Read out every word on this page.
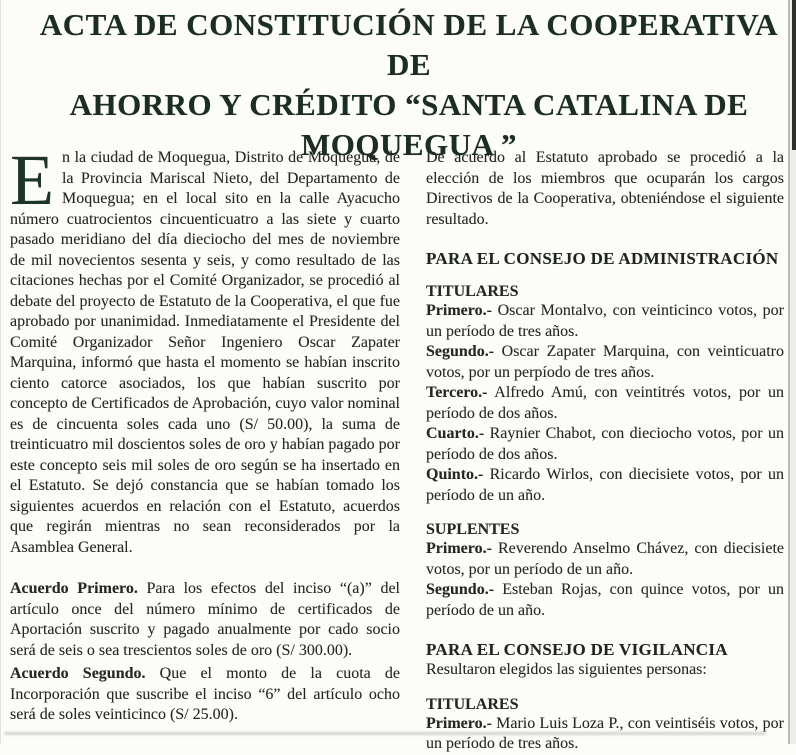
ACTA DE CONSTITUCIÓN DE LA COOPERATIVA DE
AHORRO Y CRÉDITO “SANTA CATALINA DE
MOQUEGUA ”

En la ciudad de Moquegua, Distrito de Moquegua, de la Provincia Mariscal Nieto, del Departamento de Moquegua; en el local sito en la calle Ayacucho número cuatrocientos cincuenticuatro a las siete y cuarto pasado meridiano del día dieciocho del mes de noviembre de mil novecientos sesenta y seis, y como resultado de las citaciones hechas por el Comité Organizador, se procedió al debate del proyecto de Estatuto de la Cooperativa, el que fue aprobado por unanimidad. Inmediatamente el Presidente del Comité Organizador Señor Ingeniero Oscar Zapater Marquina, informó que hasta el momento se habían inscrito ciento catorce asociados, los que habían suscrito por concepto de Certificados de Aprobación, cuyo valor nominal es de cincuenta soles cada uno (S/ 50.00), la suma de treinticuatro mil doscientos soles de oro y habían pagado por este concepto seis mil soles de oro según se ha insertado en el Estatuto. Se dejó constancia que se habían tomado los siguientes acuerdos en relación con el Estatuto, acuerdos que regirán mientras no sean reconsiderados por la Asamblea General.

Acuerdo Primero. Para los efectos del inciso “(a)” del artículo once del número mínimo de certificados de Aportación suscrito y pagado anualmente por cado socio será de seis o sea trescientos soles de oro (S/ 300.00).

Acuerdo Segundo. Que el monto de la cuota de Incorporación que suscribe el inciso “6” del artículo ocho será de soles veinticinco (S/ 25.00).

De acuerdo al Estatuto aprobado se procedió a la elección de los miembros que ocuparán los cargos Directivos de la Cooperativa, obteniéndose el siguiente resultado.

PARA EL CONSEJO DE ADMINISTRACIÓN
TITULARES

Primero.- Oscar Montalvo, con veinticinco votos, por un período de tres años.

Segundo.- Oscar Zapater Marquina, con veinticuatro votos, por un perpíodo de tres años.

Tercero.- Alfredo Amú, con veintitrés votos, por un período de dos años.

Cuarto.- Raynier Chabot, con dieciocho votos, por un período de dos años.

Quinto.- Ricardo Wirlos, con diecisiete votos, por un período de un año.

SUPLENTES

Primero.- Reverendo Anselmo Chávez, con diecisiete votos, por un período de un año.

Segundo.- Esteban Rojas, con quince votos, por un período de un año.

PARA EL CONSEJO DE VIGILANCIA

Resultaron elegidos las siguientes personas:

TITULARES

Primero.- Mario Luis Loza P., con veintiséis votos, por un período de tres años.
